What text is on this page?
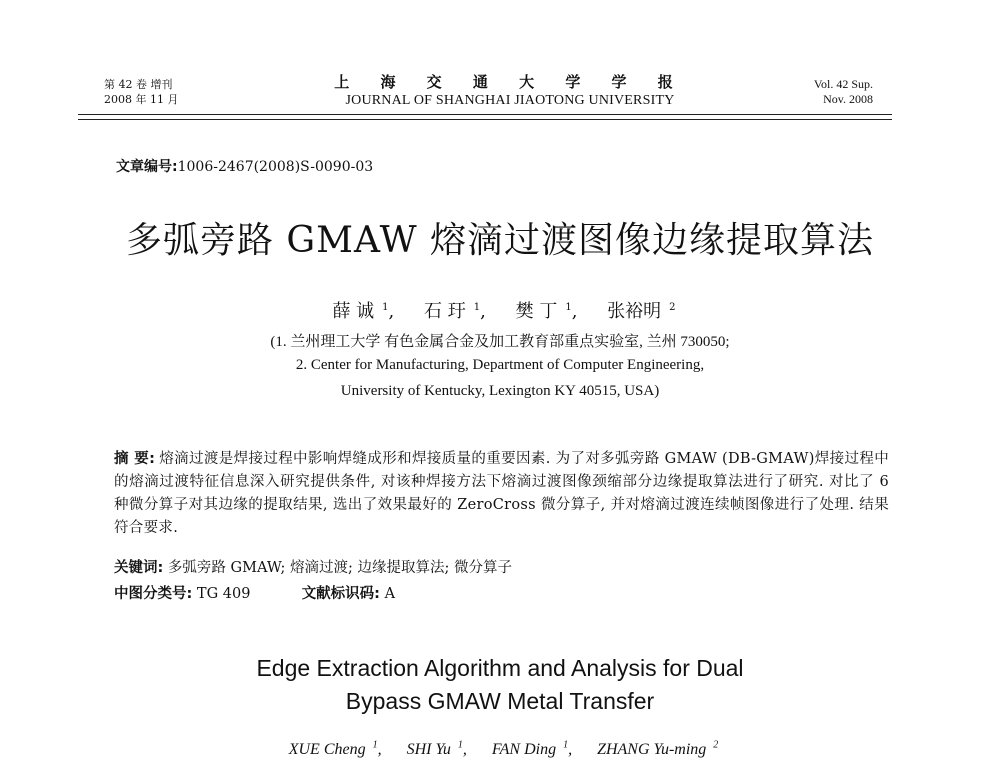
第 42 卷 增刊
2008 年 11 月
上 海 交 通 大 学 学 报
JOURNAL OF SHANGHAI JIAOTONG UNIVERSITY
Vol. 42 Sup.
Nov. 2008
文章编号:1006-2467(2008)S-0090-03
多弧旁路 GMAW 熔滴过渡图像边缘提取算法
薛 诚 $^1$, 石 玗 $^1$, 樊 丁 $^1$, 张裕明 $^2$
(1. 兰州理工大学 有色金属合金及加工教育部重点实验室, 兰州 730050;
2. Center for Manufacturing, Department of Computer Engineering,
University of Kentucky, Lexington KY 40515, USA)
摘 要: 熔滴过渡是焊接过程中影响焊缝成形和焊接质量的重要因素. 为了对多弧旁路 GMAW (DB-GMAW)焊接过程中的熔滴过渡特征信息深入研究提供条件, 对该种焊接方法下熔滴过渡图像颈缩部分边缘提取算法进行了研究. 对比了 6 种微分算子对其边缘的提取结果, 选出了效果最好的 ZeroCross 微分算子, 并对熔滴过渡连续帧图像进行了处理. 结果符合要求.
关键词: 多弧旁路 GMAW; 熔滴过渡; 边缘提取算法; 微分算子
中图分类号: TG 409	文献标识码: A
Edge Extraction Algorithm and Analysis for Dual
Bypass GMAW Metal Transfer
XUE Cheng $^1$, SHI Yu $^1$, FAN Ding $^1$, ZHANG Yu-ming $^2$
